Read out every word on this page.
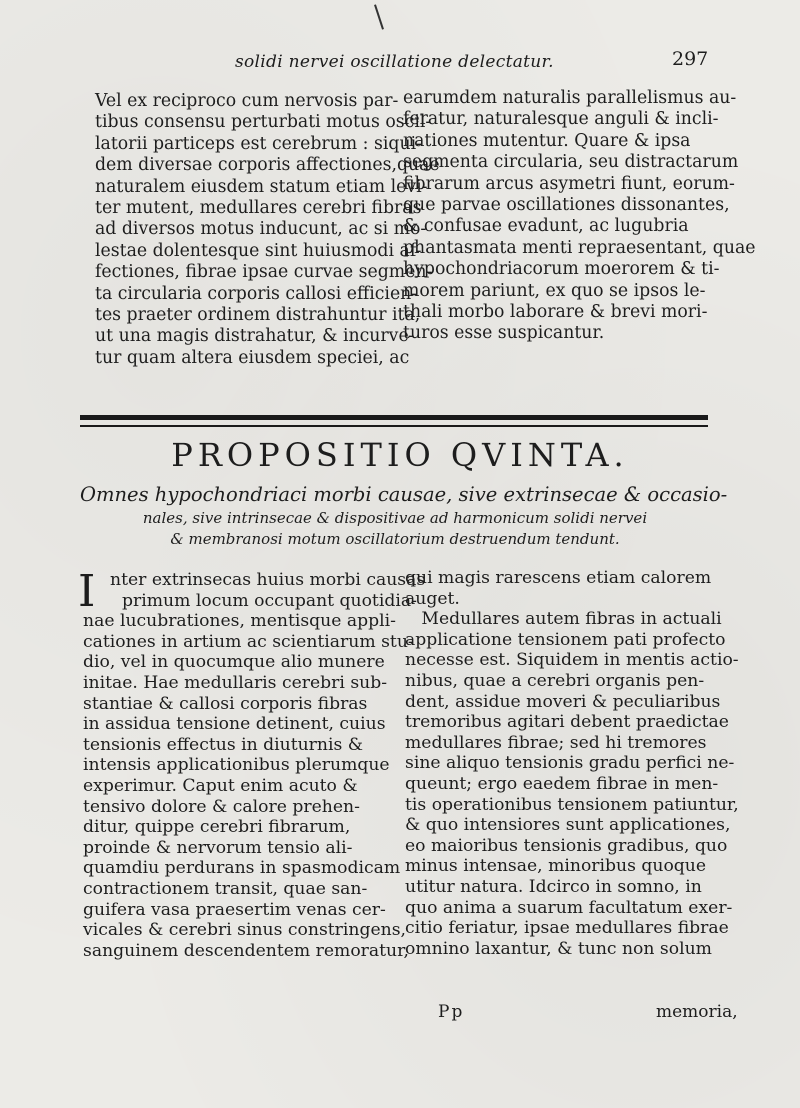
solidi nervei oscillatione delectatur.	297
Vel ex reciproco cum nervosis par-
tibus consensu perturbati motus oscil-
latorii particeps est cerebrum : siqui-
dem diversae corporis affectiones,quae
naturalem eiusdem statum etiam levi-
ter mutent, medullares cerebri fibras
ad diversos motus inducunt, ac si mo-
lestae dolentesque sint huiusmodi af-
fectiones, fibrae ipsae curvae segmen-
ta circularia corporis callosi efficien-
tes praeter ordinem distrahuntur ita,
ut una magis distrahatur, & incurve-
tur quam altera eiusdem speciei, ac
earumdem naturalis parallelismus au-
feratur, naturalesque anguli & incli-
nationes mutentur. Quare & ipsa
segmenta circularia, seu distractarum
fibrarum arcus asymetri fiunt, eorum-
que parvae oscillationes dissonantes,
& confusae evadunt, ac lugubria
phantasmata menti repraesentant, quae
hypochondriacorum moerorem & ti-
morem pariunt, ex quo se ipsos le-
thali morbo laborare & brevi mori-
turos esse suspicantur.
PROPOSITIO QVINTA.
Omnes hypochondriaci morbi causae, sive extrinsecae & occasio-
nales, sive intrinsecae & dispositivae ad harmonicum solidi nervei
& membranosi motum oscillatorium destruendum tendunt.
I nter extrinsecas huius morbi causas
primum locum occupant quotidia-
nae lucubrationes, mentisque appli-
cationes in artium ac scientiarum stu-
dio, vel in quocumque alio munere
initae. Hae medullaris cerebri sub-
stantiae & callosi corporis fibras
in assidua tensione detinent, cuius
tensionis effectus in diuturnis &
intensis applicationibus plerumque
experimur. Caput enim acuto &
tensivo dolore & calore prehen-
ditur, quippe cerebri fibrarum,
proinde & nervorum tensio ali-
quamdiu perdurans in spasmodicam
contractionem transit, quae san-
guifera vasa praesertim venas cer-
vicales & cerebri sinus constringens,
sanguinem descendentem remoratur,
qui magis rarescens etiam calorem
auget.
Medullares autem fibras in actuali
applicatione tensionem pati profecto
necesse est. Siquidem in mentis actio-
nibus, quae a cerebri organis pen-
dent, assidue moveri & peculiaribus
tremoribus agitari debent praedictae
medullares fibrae; sed hi tremores
sine aliquo tensionis gradu perfici ne-
queunt; ergo eaedem fibrae in men-
tis operationibus tensionem patiuntur,
& quo intensiores sunt applicationes,
eo maioribus tensionis gradibus, quo
minus intensae, minoribus quoque
utitur natura. Idcirco in somno, in
quo anima a suarum facultatum exer-
citio feriatur, ipsae medullares fibrae
omnino laxantur, & tunc non solum
Pp	memoria,
